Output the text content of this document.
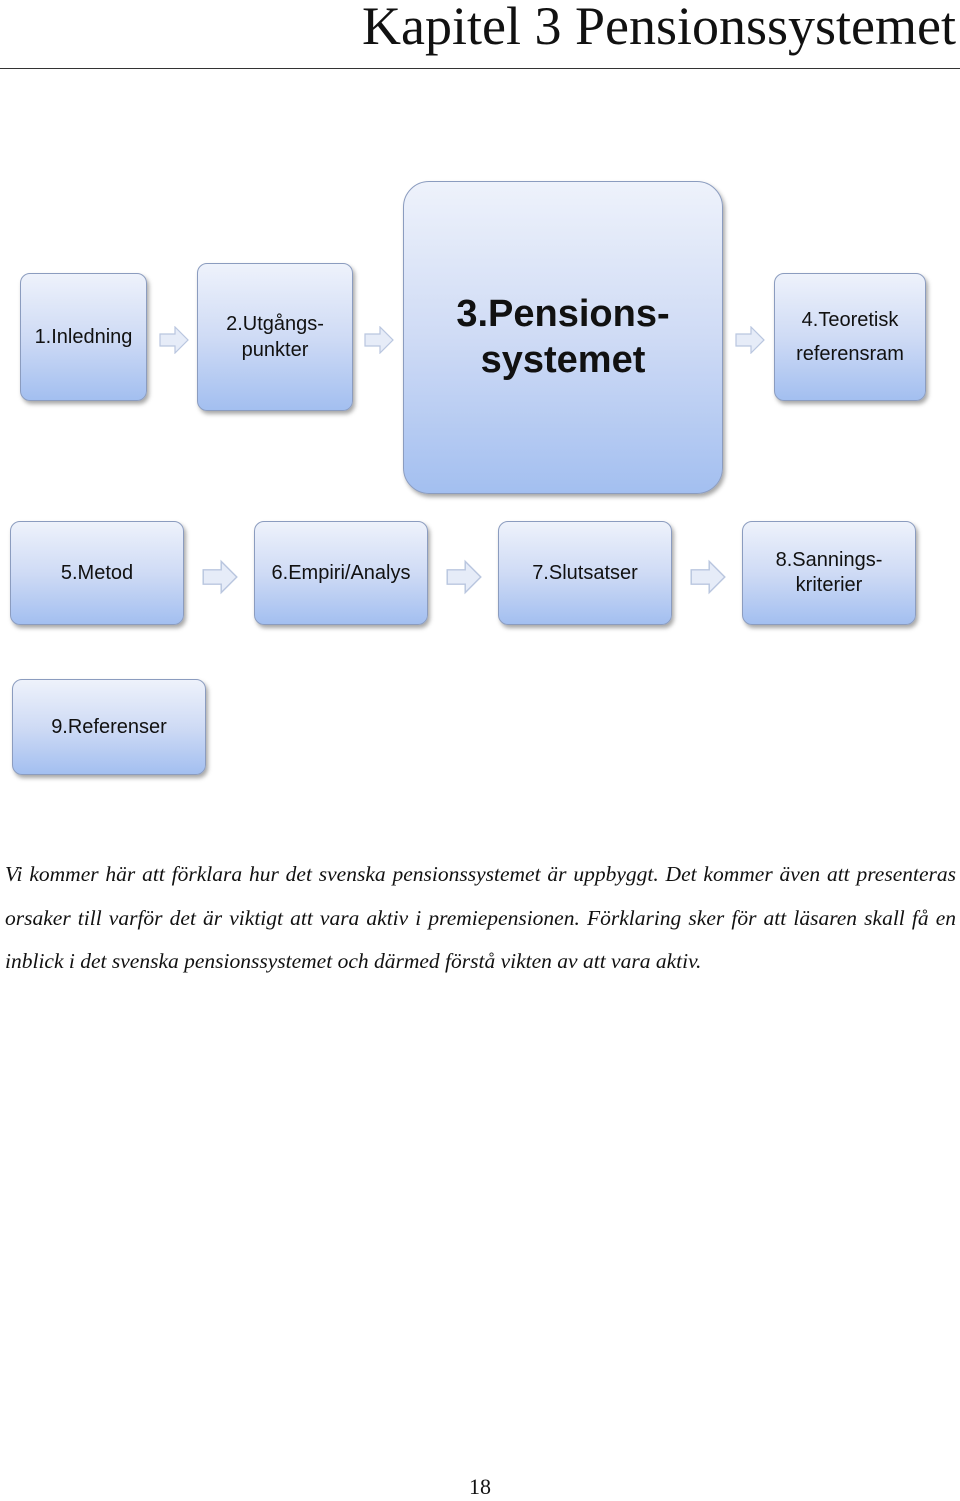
Kapitel 3 Pensionssystemet
1.Inledning
2.Utgångs-
punkter
3.Pensions-
systemet
4.Teoretisk
referensram
5.Metod	6.Empiri/Analys	7.Slutsatser
8.Sannings-
kriterier
9.Referenser

Vi kommer här att förklara hur det svenska pensionssystemet är uppbyggt. Det kommer även att presenteras orsaker till varför det är viktigt att vara aktiv i premiepensionen. Förklaring sker för att läsaren skall få en inblick i det svenska pensionssystemet och därmed förstå vikten av att vara aktiv.

18
